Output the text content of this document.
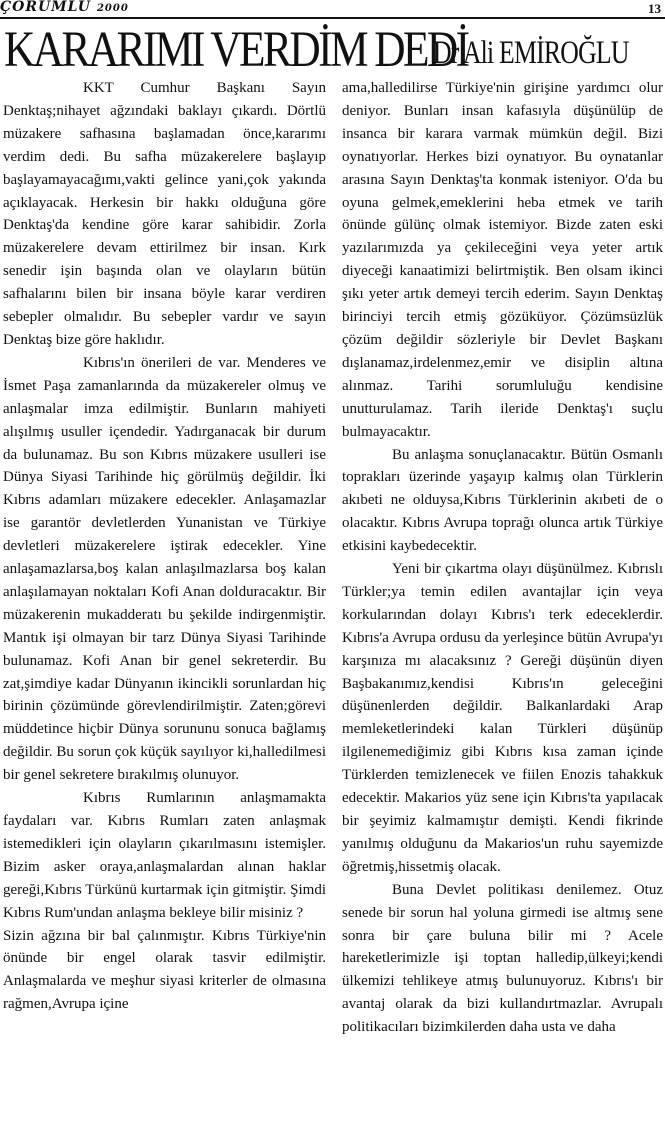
ÇORUMLU 2000	13
KARARIMI VERDİM DEDİ
Dr Ali EMİROĞLU

KKT Cumhur Başkanı Sayın Denktaş;nihayet ağzındaki baklayı çıkardı. Dörtlü müzakere safhasına başlamadan önce,kararımı verdim dedi. Bu safha müzakerelere başlayıp başlayamayacağımı,vakti gelince yani,çok yakında açıklayacak. Herkesin bir hakkı olduğuna göre Denktaş'da kendine göre karar sahibidir. Zorla müzakerelere devam ettirilmez bir insan. Kırk senedir işin başında olan ve olayların bütün safhalarını bilen bir insana böyle karar verdiren sebepler olmalıdır. Bu sebepler vardır ve sayın Denktaş bize göre haklıdır.

Kıbrıs'ın önerileri de var. Menderes ve İsmet Paşa zamanlarında da müzakereler olmuş ve anlaşmalar imza edilmiştir. Bunların mahiyeti alışılmış usuller içendedir. Yadırganacak bir durum da bulunamaz. Bu son Kıbrıs müzakere usulleri ise Dünya Siyasi Tarihinde hiç görülmüş değildir. İki Kıbrıs adamları müzakere edecekler. Anlaşamazlar ise garantör devletlerden Yunanistan ve Türkiye devletleri müzakerelere iştirak edecekler. Yine anlaşamazlarsa,boş kalan anlaşılmazlarsa boş kalan anlaşılamayan noktaları Kofi Anan dolduracaktır. Bir müzakerenin mukadderatı bu şekilde indirgenmiştir. Mantık işi olmayan bir tarz Dünya Siyasi Tarihinde bulunamaz. Kofi Anan bir genel sekreterdir. Bu zat,şimdiye kadar Dünyanın ikincikli sorunlardan hiç birinin çözümünde görevlendirilmiştir. Zaten;görevi müddetince hiçbir Dünya sorununu sonuca bağlamış değildir. Bu sorun çok küçük sayılıyor ki,halledilmesi bir genel sekretere bırakılmış olunuyor.

Kıbrıs Rumlarının anlaşmamakta faydaları var. Kıbrıs Rumları zaten anlaşmak istemedikleri için olayların çıkarılmasını istemişler. Bizim asker oraya,anlaşmalardan alınan haklar gereği,Kıbrıs Türkünü kurtarmak için gitmiştir. Şimdi Kıbrıs Rum'undan anlaşma bekleye bilir misiniz ?

Sizin ağzına bir bal çalınmıştır. Kıbrıs Türkiye'nin önünde bir engel olarak tasvir edilmiştir. Anlaşmalarda ve meşhur siyasi kriterler de olmasına rağmen,Avrupa içine

ama,halledilirse Türkiye'nin girişine yardımcı olur deniyor. Bunları insan kafasıyla düşünülüp de insanca bir karara varmak mümkün değil. Bizi oynatıyorlar. Herkes bizi oynatıyor. Bu oynatanlar arasına Sayın Denktaş'ta konmak isteniyor. O'da bu oyuna gelmek,emeklerini heba etmek ve tarih önünde gülünç olmak istemiyor. Bizde zaten eski yazılarımızda ya çekileceğini veya yeter artık diyeceği kanaatimizi belirtmiştik. Ben olsam ikinci şıkı yeter artık demeyi tercih ederim. Sayın Denktaş birinciyi tercih etmiş gözüküyor. Çözümsüzlük çözüm değildir sözleriyle bir Devlet Başkanı dışlanamaz,irdelenmez,emir ve disiplin altına alınmaz. Tarihi sorumluluğu kendisine unutturulamaz. Tarih ileride Denktaş'ı suçlu bulmayacaktır.

Bu anlaşma sonuçlanacaktır. Bütün Osmanlı toprakları üzerinde yaşayıp kalmış olan Türklerin akıbeti ne olduysa,Kıbrıs Türklerinin akıbeti de o olacaktır. Kıbrıs Avrupa toprağı olunca artık Türkiye etkisini kaybedecektir.

Yeni bir çıkartma olayı düşünülmez. Kıbrıslı Türkler;ya temin edilen avantajlar için veya korkularından dolayı Kıbrıs'ı terk edeceklerdir. Kıbrıs'a Avrupa ordusu da yerleşince bütün Avrupa'yı karşınıza mı alacaksınız ? Gereği düşünün diyen Başbakanımız,kendisi Kıbrıs'ın geleceğini düşünenlerden değildir. Balkanlardaki Arap memleketlerindeki kalan Türkleri düşünüp ilgilenemediğimiz gibi Kıbrıs kısa zaman içinde Türklerden temizlenecek ve fiilen Enozis tahakkuk edecektir. Makarios yüz sene için Kıbrıs'ta yapılacak bir şeyimiz kalmamıştır demişti. Kendi fikrinde yanılmış olduğunu da Makarios'un ruhu sayemizde öğretmiş,hissetmiş olacak.

Buna Devlet politikası denilemez. Otuz senede bir sorun hal yoluna girmedi ise altmış sene sonra bir çare buluna bilir mi ? Acele hareketlerimizle işi toptan halledip,ülkeyi;kendi ülkemizi tehlikeye atmış bulunuyoruz. Kıbrıs'ı bir avantaj olarak da bizi kullandırtmazlar. Avrupalı politikacıları bizimkilerden daha usta ve daha
